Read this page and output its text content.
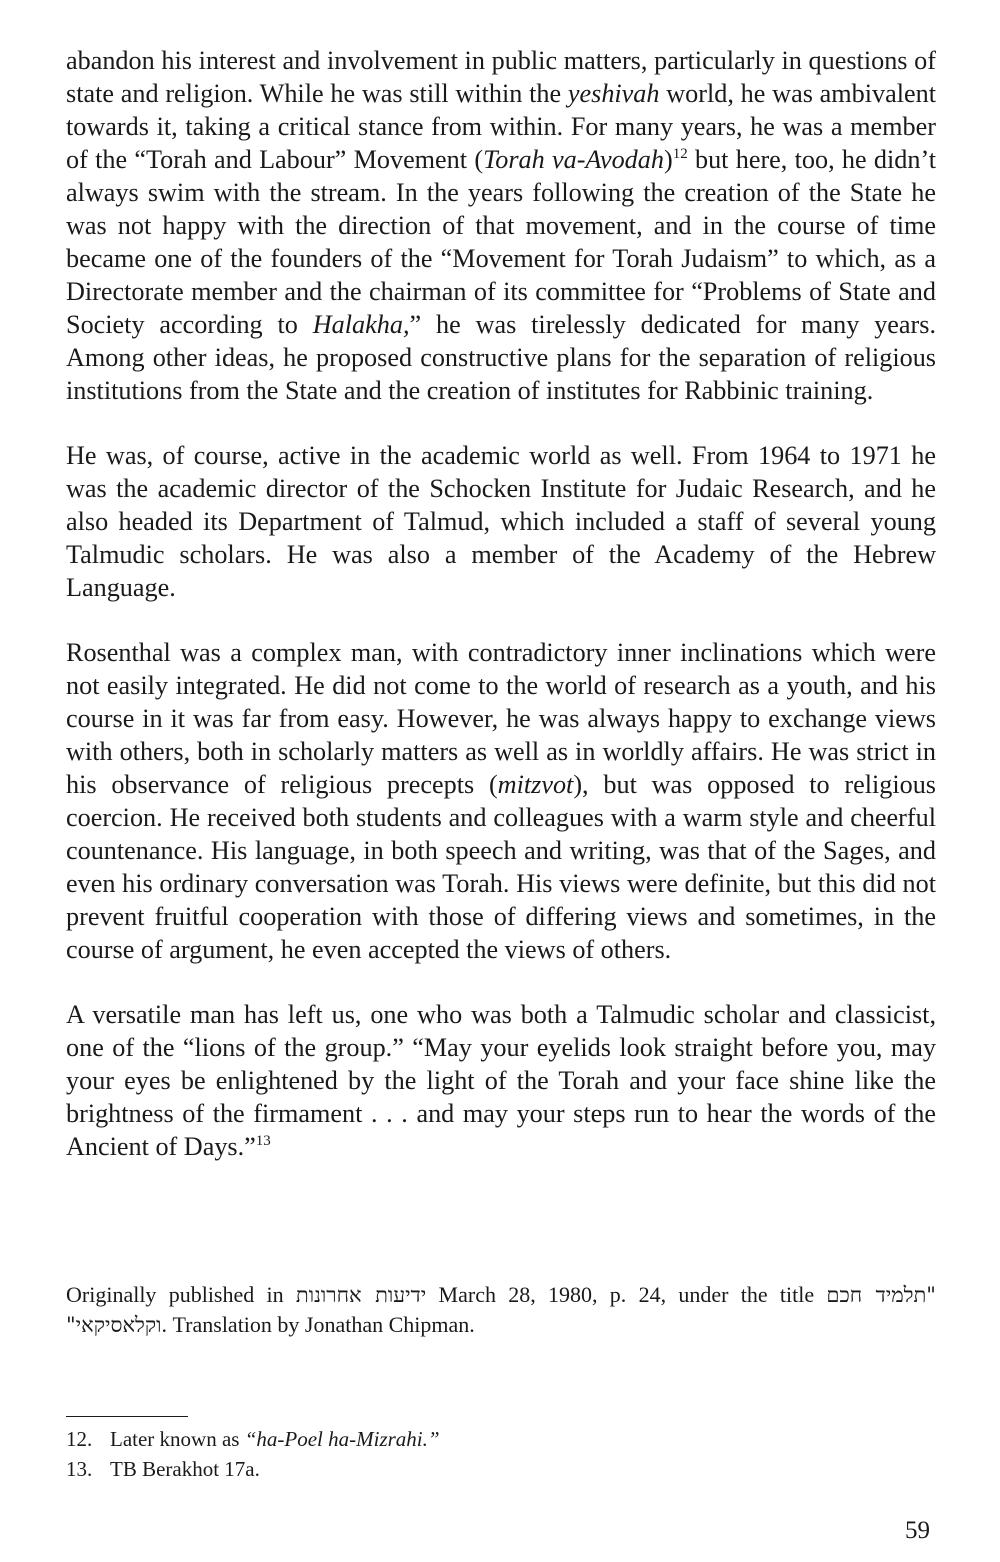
abandon his interest and involvement in public matters, particularly in questions of state and religion. While he was still within the yeshivah world, he was ambivalent towards it, taking a critical stance from within. For many years, he was a member of the “Torah and Labour” Movement (Torah va-Avodah)$^{12}$ but here, too, he didn’t always swim with the stream. In the years following the creation of the State he was not happy with the direction of that movement, and in the course of time became one of the founders of the “Movement for Torah Judaism” to which, as a Directorate member and the chairman of its committee for “Problems of State and Society according to Halakha,” he was tirelessly dedicated for many years. Among other ideas, he proposed constructive plans for the separation of religious institutions from the State and the creation of institutes for Rabbinic training.

He was, of course, active in the academic world as well. From 1964 to 1971 he was the academic director of the Schocken Institute for Judaic Research, and he also headed its Department of Talmud, which included a staff of several young Talmudic scholars. He was also a member of the Academy of the Hebrew Language.

Rosenthal was a complex man, with contradictory inner inclinations which were not easily integrated. He did not come to the world of research as a youth, and his course in it was far from easy. However, he was always happy to exchange views with others, both in scholarly matters as well as in worldly affairs. He was strict in his observance of religious precepts (mitzvot), but was opposed to religious coercion. He received both students and colleagues with a warm style and cheerful countenance. His language, in both speech and writing, was that of the Sages, and even his ordinary conversation was Torah. His views were definite, but this did not prevent fruitful cooperation with those of differing views and sometimes, in the course of argument, he even accepted the views of others.

A versatile man has left us, one who was both a Talmudic scholar and classicist, one of the “lions of the group.” “May your eyelids look straight before you, may your eyes be enlightened by the light of the Torah and your face shine like the brightness of the firmament . . . and may your steps run to hear the words of the Ancient of Days.”$^{13}$

Originally published in ידיעות אחרונות March 28, 1980, p. 24, under the title "תלמיד חכם וקלאסיקאי". Translation by Jonathan Chipman.
12. Later known as “ha-Poel ha-Mizrahi.”
13. TB Berakhot 17a.
59
